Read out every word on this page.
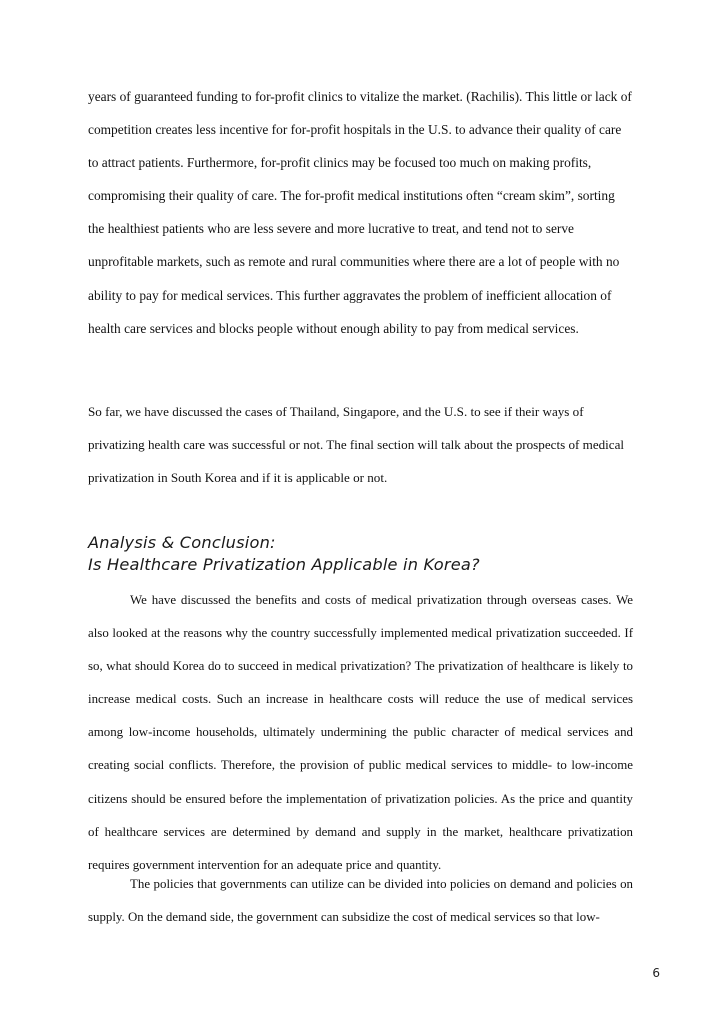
years of guaranteed funding to for-profit clinics to vitalize the market. (Rachilis). This little or lack of competition creates less incentive for for-profit hospitals in the U.S. to advance their quality of care to attract patients. Furthermore, for-profit clinics may be focused too much on making profits, compromising their quality of care. The for-profit medical institutions often “cream skim”, sorting the healthiest patients who are less severe and more lucrative to treat, and tend not to serve unprofitable markets, such as remote and rural communities where there are a lot of people with no ability to pay for medical services. This further aggravates the problem of inefficient allocation of health care services and blocks people without enough ability to pay from medical services.

So far, we have discussed the cases of Thailand, Singapore, and the U.S. to see if their ways of privatizing health care was successful or not. The final section will talk about the prospects of medical privatization in South Korea and if it is applicable or not.

Analysis & Conclusion:
Is Healthcare Privatization Applicable in Korea?

We have discussed the benefits and costs of medical privatization through overseas cases. We also looked at the reasons why the country successfully implemented medical privatization succeeded. If so, what should Korea do to succeed in medical privatization? The privatization of healthcare is likely to increase medical costs. Such an increase in healthcare costs will reduce the use of medical services among low-income households, ultimately undermining the public character of medical services and creating social conflicts. Therefore, the provision of public medical services to middle- to low-income citizens should be ensured before the implementation of privatization policies. As the price and quantity of healthcare services are determined by demand and supply in the market, healthcare privatization requires government intervention for an adequate price and quantity.

The policies that governments can utilize can be divided into policies on demand and policies on supply. On the demand side, the government can subsidize the cost of medical services so that low-

6
